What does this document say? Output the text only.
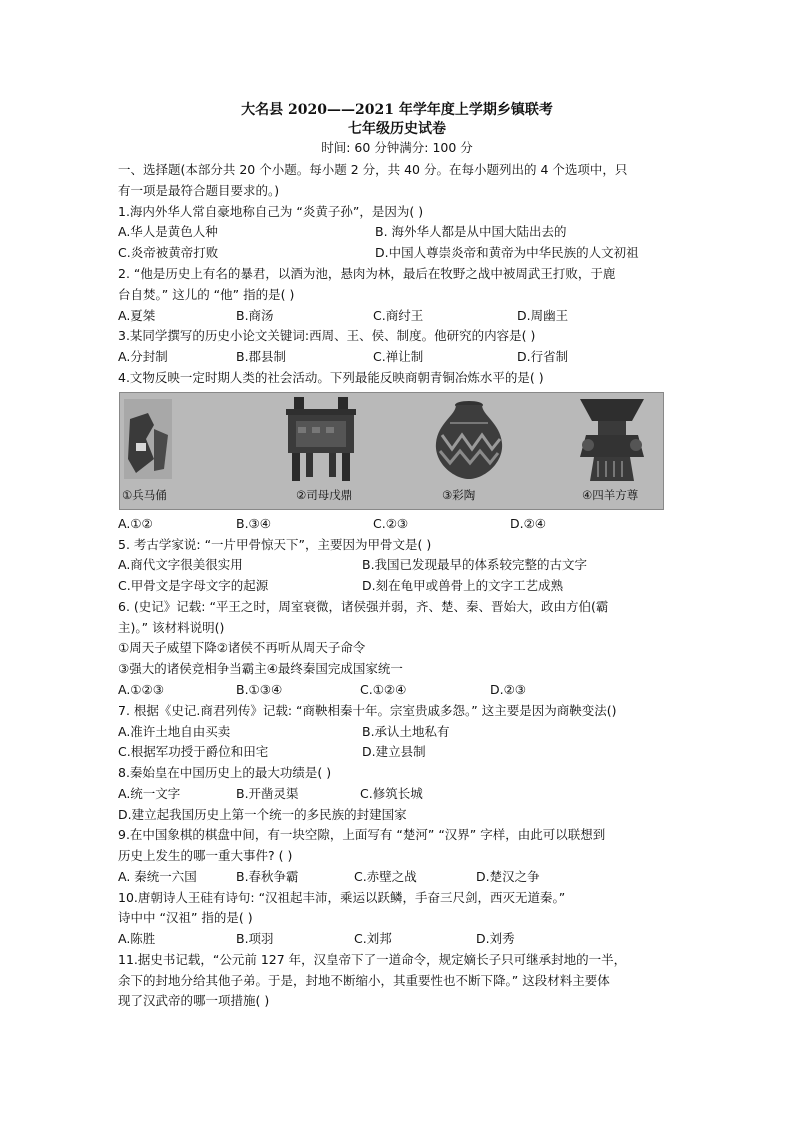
大名县 2020——2021 年学年度上学期乡镇联考
七年级历史试卷
时间: 60 分钟满分: 100 分
一、选择题(本部分共 20 个小题。每小题 2 分，共 40 分。在每小题列出的 4 个选项中，只
有一项是最符合题目要求的。)
1.海内外华人常自豪地称自己为 “炎黄子孙”，是因为( )
A.华人是黄色人种	B. 海外华人都是从中国大陆出去的
C.炎帝被黄帝打败	D.中国人尊崇炎帝和黄帝为中华民族的人文初祖
2. “他是历史上有名的暴君，以酒为池，悬肉为林，最后在牧野之战中被周武王打败，于鹿
台自焚。” 这儿的 “他” 指的是( )
A.夏桀	B.商汤	C.商纣王	D.周幽王
3.某同学撰写的历史小论文关键词:西周、王、侯、制度。他研究的内容是( )
A.分封制	B.郡县制	C.禅让制	D.行省制
4.文物反映一定时期人类的社会活动。下列最能反映商朝青铜冶炼水平的是( )
①兵马俑	②司母戊鼎	③彩陶	④四羊方尊
A.①②	B.③④	C.②③	D.②④
5. 考古学家说: “一片甲骨惊天下”，主要因为甲骨文是( )
A.商代文字很美很实用	B.我国已发现最早的体系较完整的古文字
C.甲骨文是字母文字的起源	D.刻在龟甲或兽骨上的文字工艺成熟
6. (史记》记载: “平王之时，周室衰微，诸侯强并弱，齐、楚、秦、晋始大，政由方伯(霸
主)。” 该材料说明()
①周天子威望下降②诸侯不再听从周天子命令
③强大的诸侯竞相争当霸主④最终秦国完成国家统一
A.①②③	B.①③④	C.①②④	D.②③
7. 根据《史记.商君列传》记载: “商鞅相秦十年。宗室贵戚多怨。” 这主要是因为商鞅变法()
A.准许土地自由买卖	B.承认土地私有
C.根据军功授于爵位和田宅	D.建立县制
8.秦始皇在中国历史上的最大功绩是( )
A.统一文字	B.开凿灵渠	C.修筑长城
D.建立起我国历史上第一个统一的多民族的封建国家
9.在中国象棋的棋盘中间，有一块空隙，上面写有 “楚河” “汉界” 字样，由此可以联想到
历史上发生的哪一重大事件? ( )
A. 秦统一六国	B.春秋争霸	C.赤壁之战	D.楚汉之争
10.唐朝诗人王硅有诗句: “汉祖起丰沛，乘运以跃鳞，手奋三尺剑，西灭无道秦。”
诗中中 “汉祖” 指的是( )
A.陈胜	B.项羽	C.刘邦	D.刘秀
11.据史书记载，“公元前 127 年，汉皇帝下了一道命令，规定嫡长子只可继承封地的一半，
余下的封地分给其他子弟。于是，封地不断缩小，其重要性也不断下降。” 这段材料主要体
现了汉武帝的哪一项措施( )
